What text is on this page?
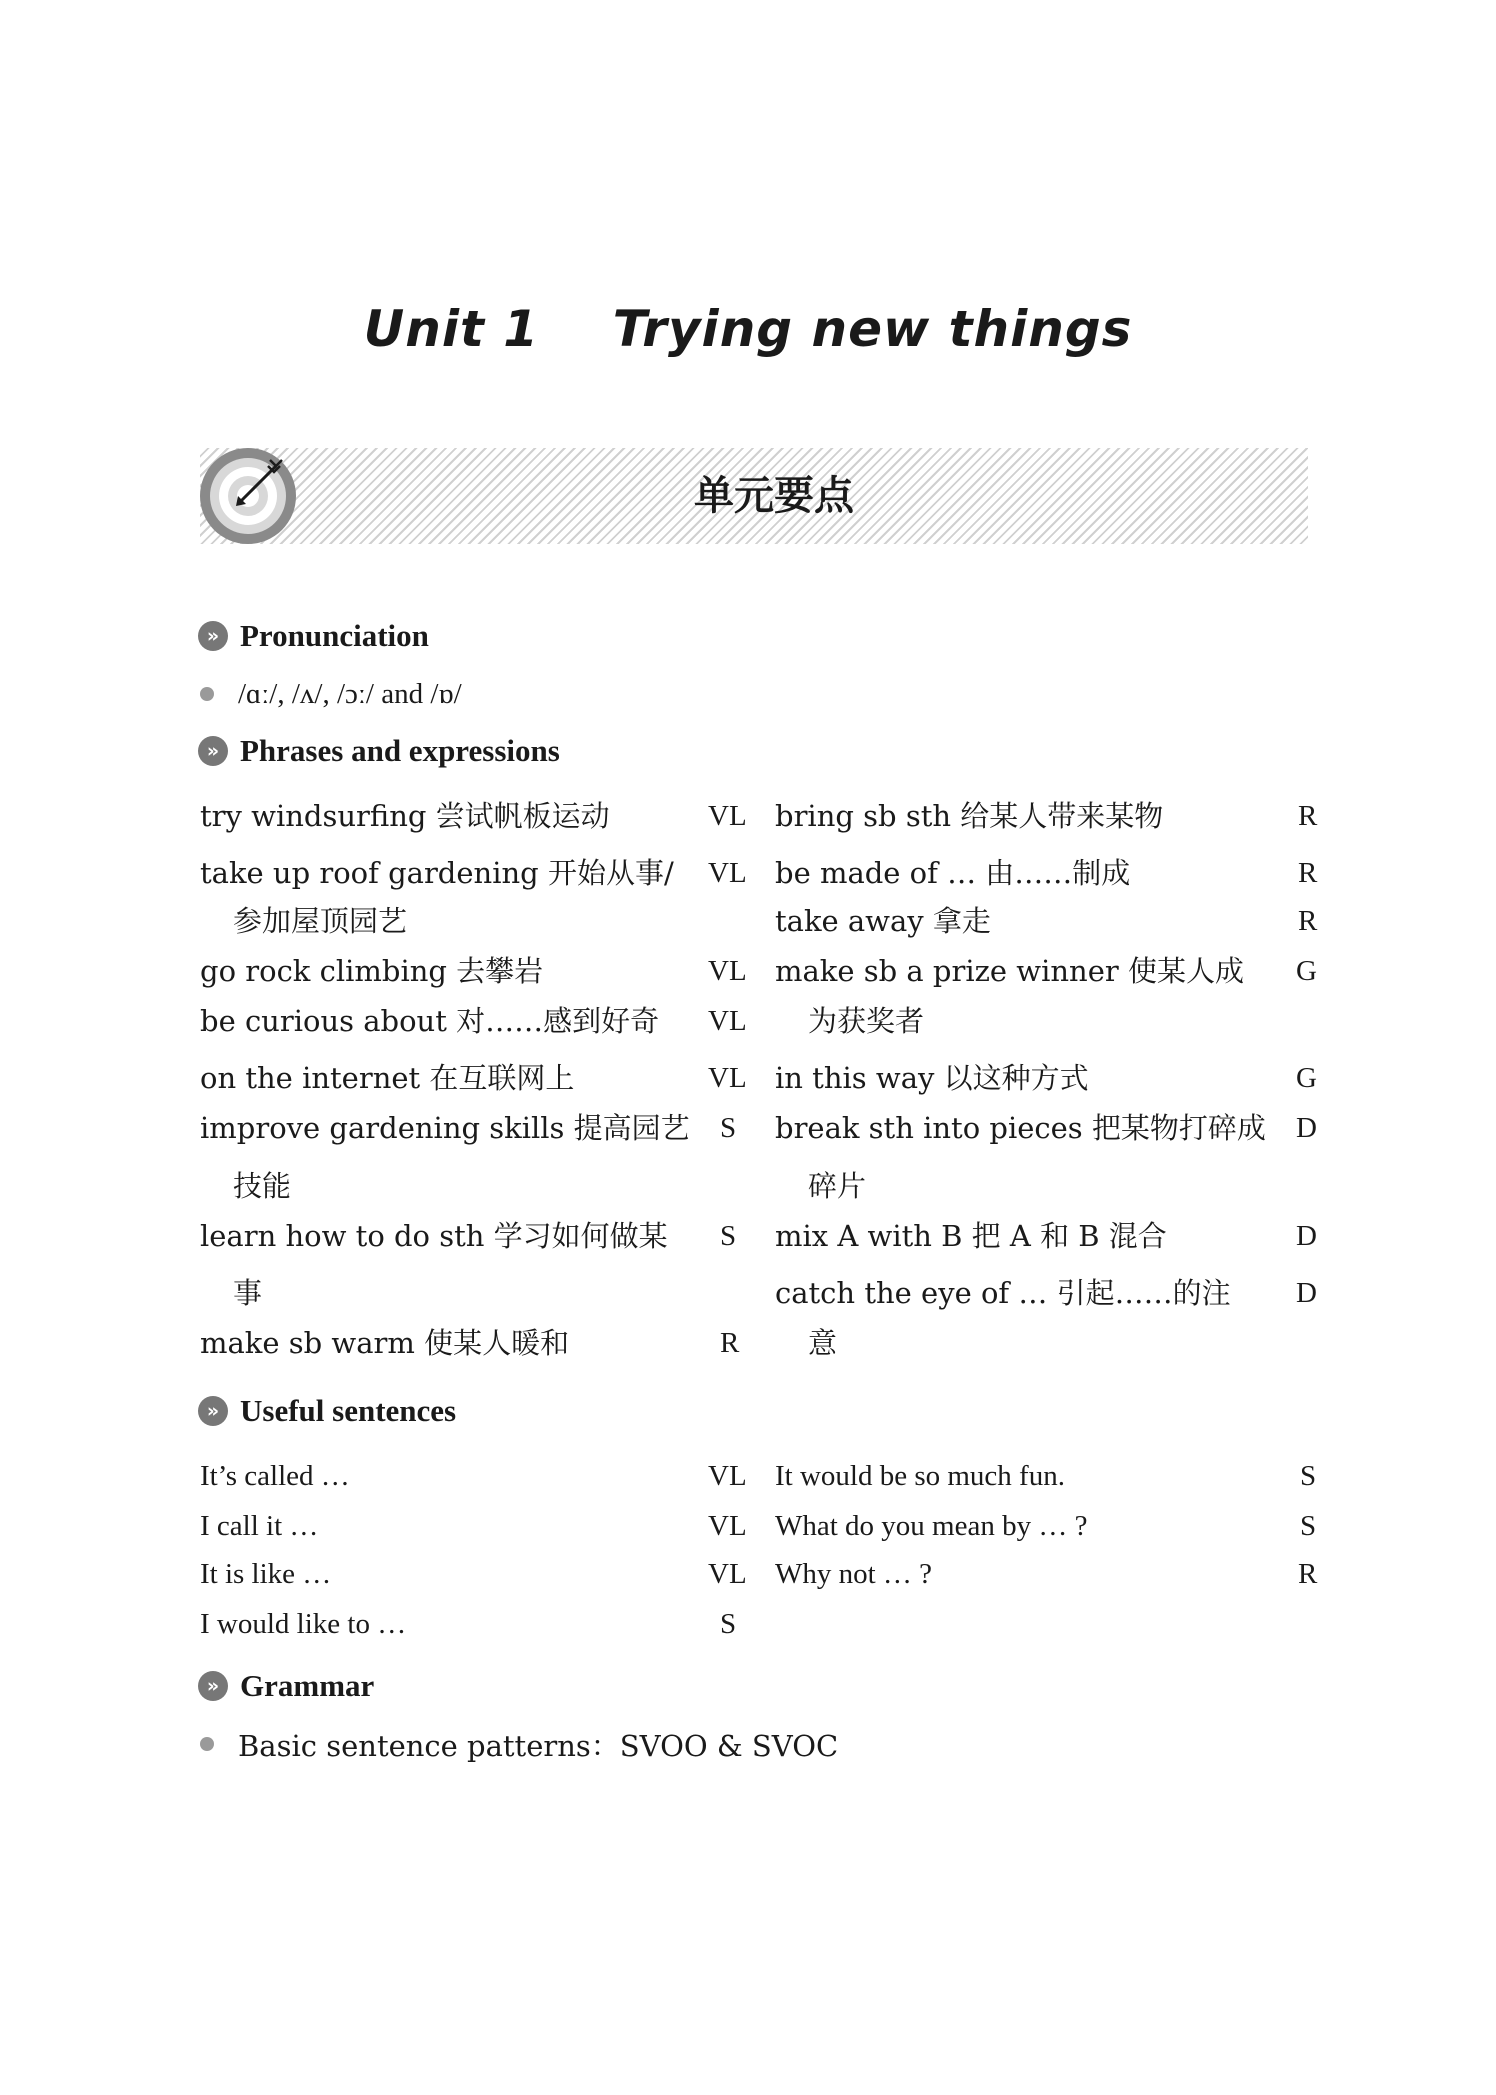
Unit 1    Trying new things
单元要点
» Pronunciation
/ɑː/, /ʌ/, /ɔː/ and /ɒ/
» Phrases and expressions
try windsurfing 尝试帆板运动	VL
take up roof gardening 开始从事/ VL
参加屋顶园艺
go rock climbing 去攀岩	VL
be curious about 对……感到好奇 VL
on the internet 在互联网上	VL
improve gardening skills 提高园艺 S
技能
learn how to do sth 学习如何做某 S
事
make sb warm 使某人暖和	R
bring sb sth 给某人带来某物	R
be made of … 由……制成	R
take away 拿走	R
make sb a prize winner 使某人成 G
为获奖者
in this way 以这种方式	G
break sth into pieces 把某物打碎成 D
碎片
mix A with B 把 A 和 B 混合	D
catch the eye of … 引起……的注 D
意
» Useful sentences
It’s called …	VL
I call it …	VL
It is like …	VL
I would like to …	S
It would be so much fun.	S
What do you mean by … ?	S
Why not … ?	R
» Grammar
Basic sentence patterns：SVOO & SVOC
